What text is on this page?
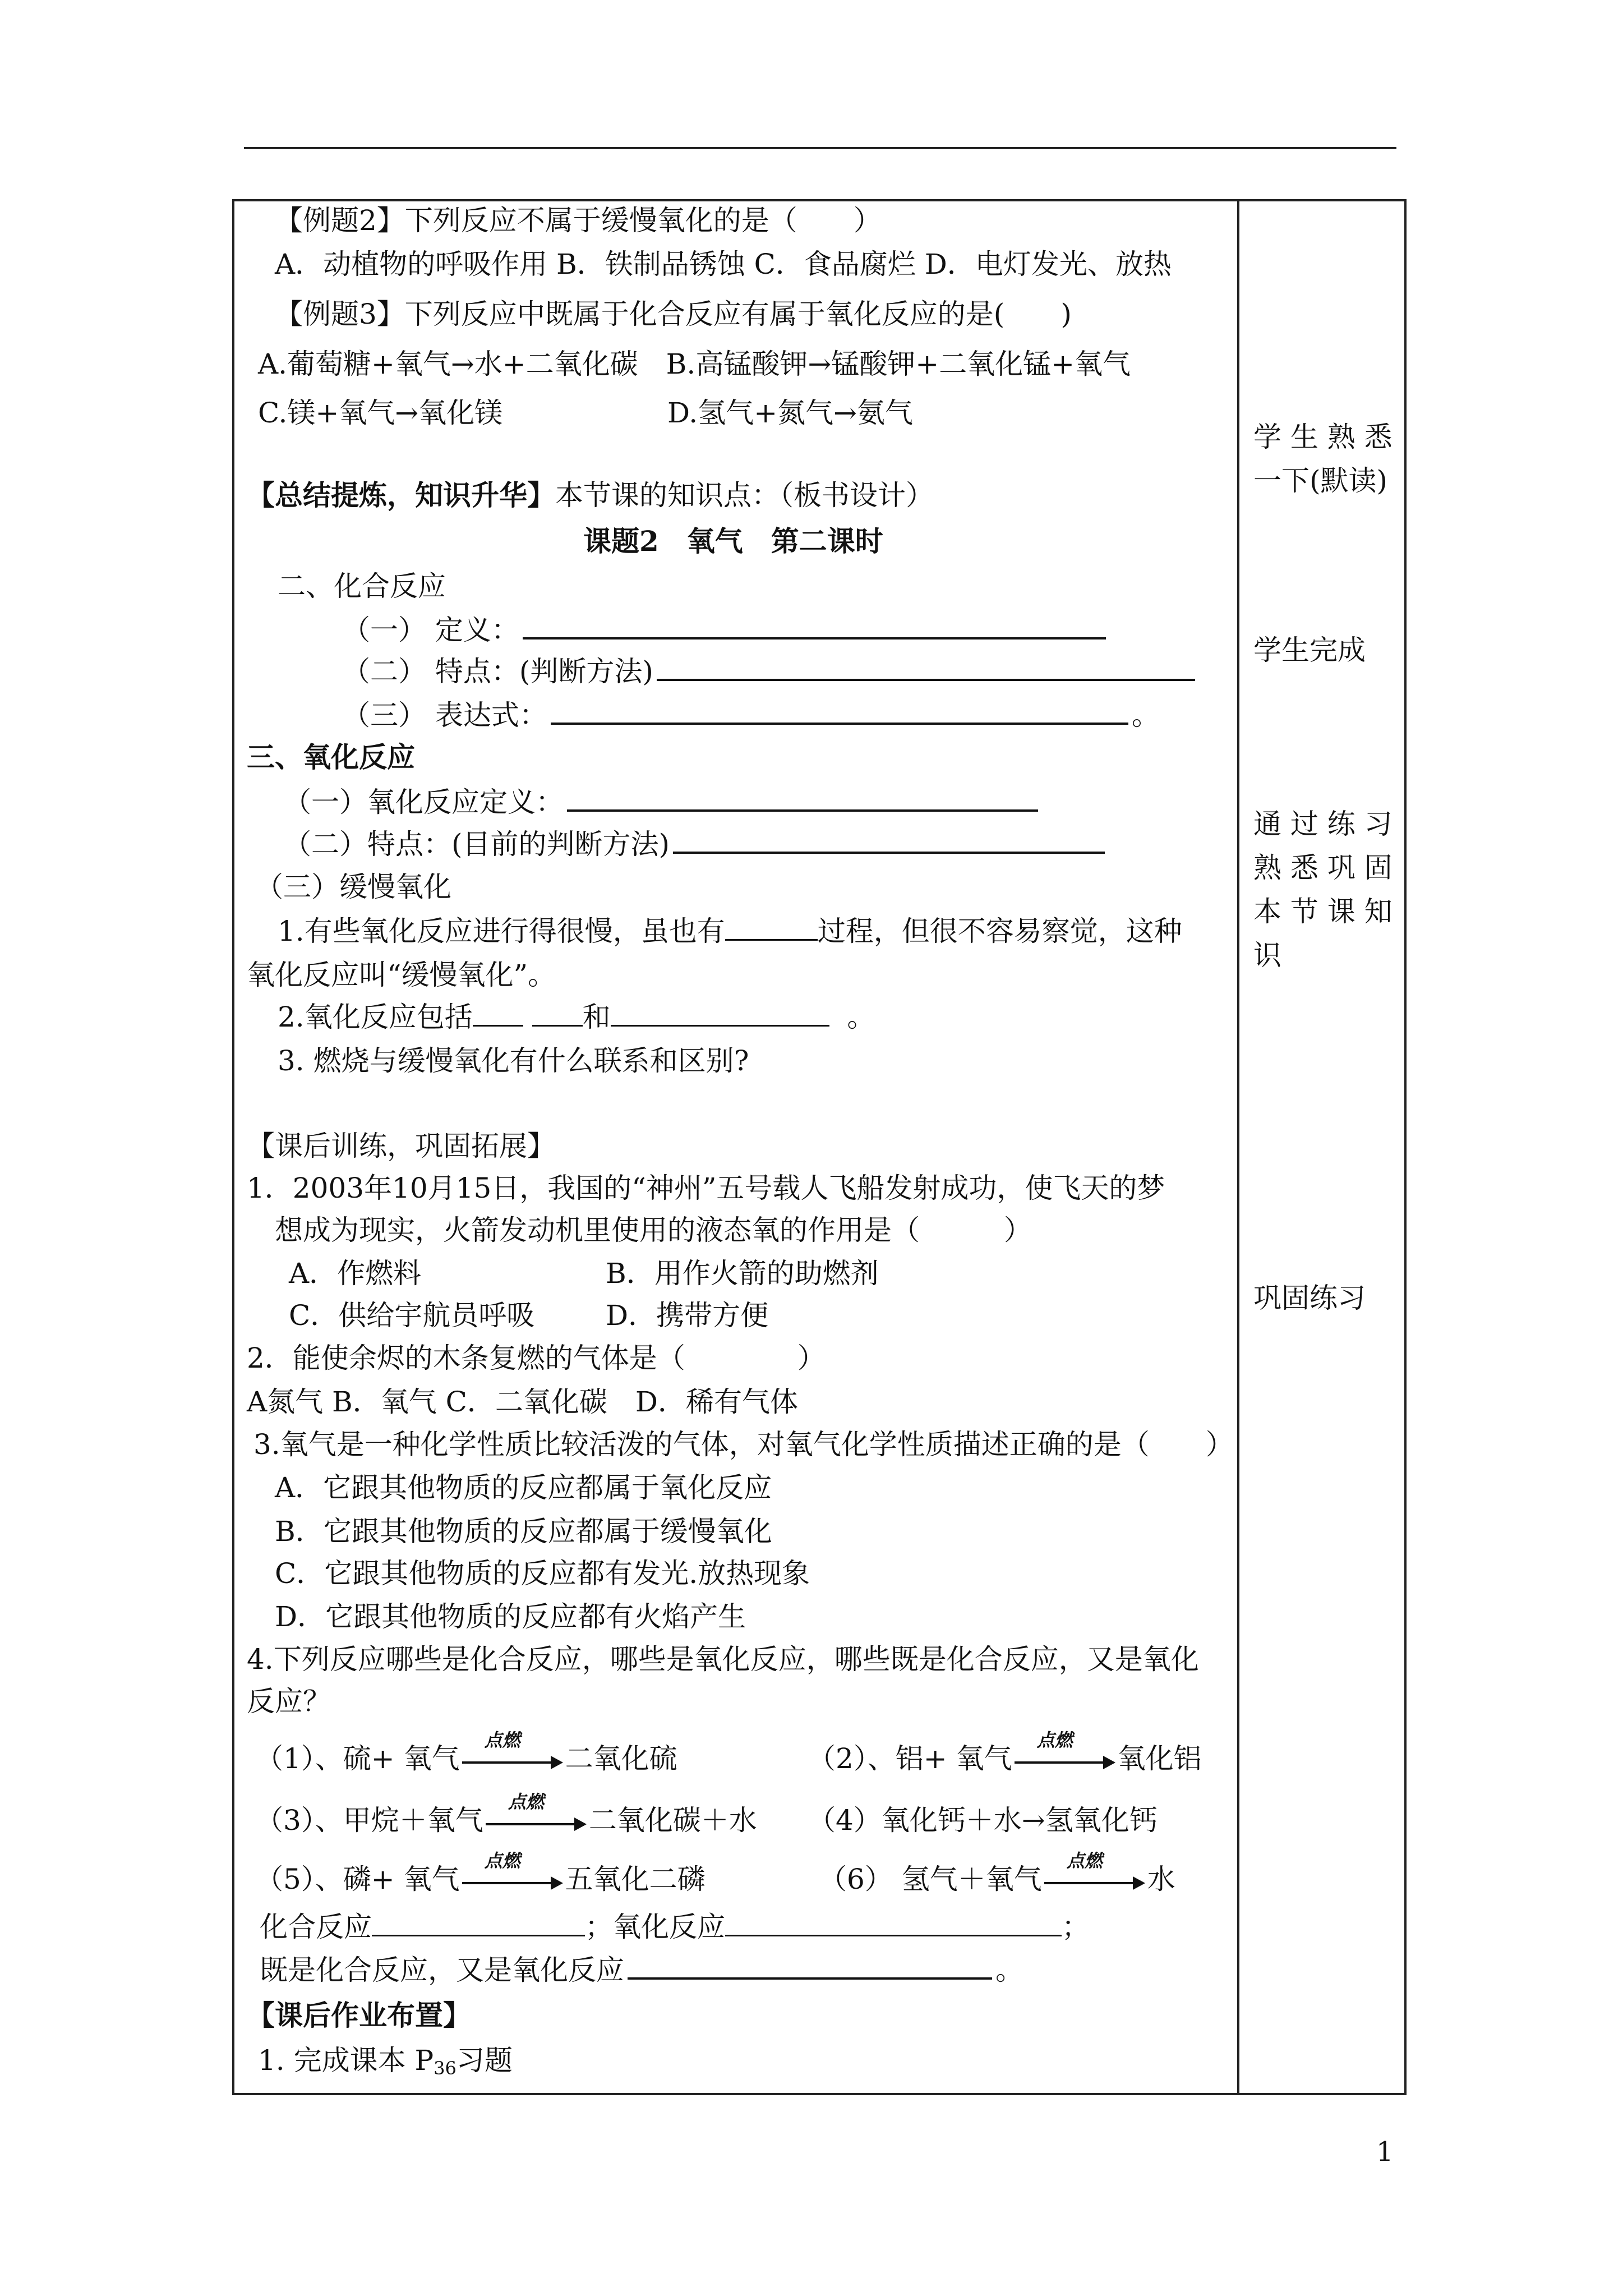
【例题2】下列反应不属于缓慢氧化的是（　　）
A．动植物的呼吸作用 B．铁制品锈蚀 C．食品腐烂 D．电灯发光、放热
【例题3】下列反应中既属于化合反应有属于氧化反应的是(　　)
A.葡萄糖+氧气→水+二氧化碳　B.高锰酸钾→锰酸钾+二氧化锰+氧气
C.镁+氧气→氧化镁	D.氢气+氮气→氨气
【总结提炼，知识升华】本节课的知识点：（板书设计）
课题2　氧气　第二课时
二、化合反应
（一） 定义：
（二） 特点：(判断方法)
（三） 表达式：	。
三、氧化反应
（一）氧化反应定义：
（二）特点：(目前的判断方法)
（三）缓慢氧化
1.有些氧化反应进行得很慢，虽也有	过程，但很不容易察觉，这种
氧化反应叫“缓慢氧化”。
2.氧化反应包括	和	。
3. 燃烧与缓慢氧化有什么联系和区别?
【课后训练，巩固拓展】
1．2003年10月15日，我国的“神州”五号载人飞船发射成功，使飞天的梦
想成为现实，火箭发动机里使用的液态氧的作用是（　　　）
A．作燃料	B．用作火箭的助燃剂
C．供给宇航员呼吸	D．携带方便
2．能使余烬的木条复燃的气体是（　　　　）
A氮气 B．氧气 C．二氧化碳　D．稀有气体
3.氧气是一种化学性质比较活泼的气体，对氧气化学性质描述正确的是（　　）
A．它跟其他物质的反应都属于氧化反应
B．它跟其他物质的反应都属于缓慢氧化
C．它跟其他物质的反应都有发光.放热现象
D．它跟其他物质的反应都有火焰产生
4.下列反应哪些是化合反应，哪些是氧化反应，哪些既是化合反应，又是氧化
反应？
（1）、硫+ 氧气
点燃
二氧化硫	（2）、铝+ 氧气
点燃
氧化铝
（3）、甲烷＋氧气
点燃
二氧化碳＋水 （4）氧化钙＋水→氢氧化钙
（5）、磷+ 氧气
点燃
五氧化二磷	（6） 氢气＋氧气
点燃
水
化合反应	；氧化反应	；
既是化合反应，又是氧化反应	。
【课后作业布置】
1. 完成课本 $P_{36}$习题
学 生 熟 悉
一下(默读)
学生完成
通 过 练 习
熟 悉 巩 固
本 节 课 知
识
巩固练习
1
